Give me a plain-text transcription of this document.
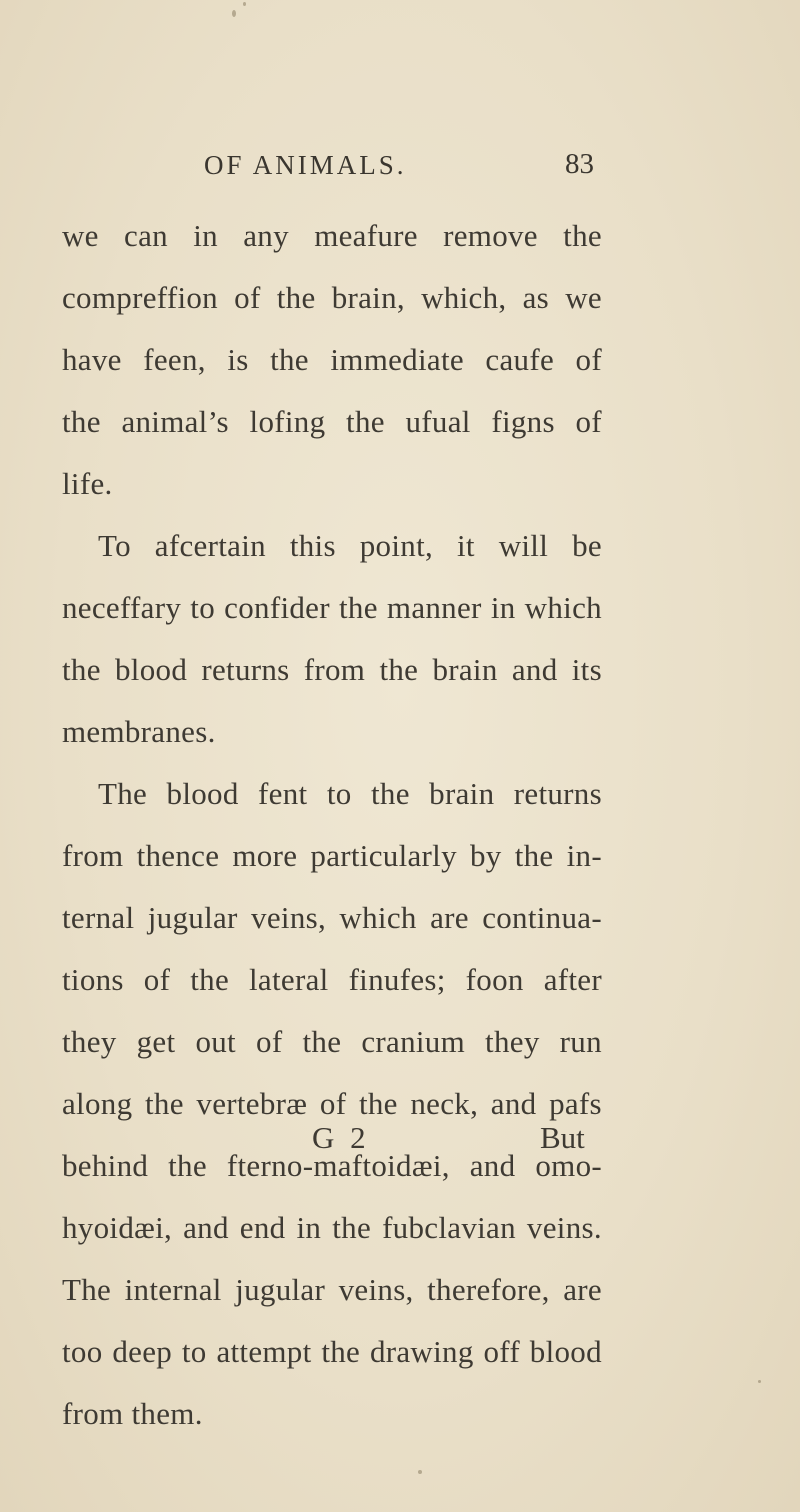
OF ANIMALS.	83
we can in any meafure remove the
compreffion of the brain, which, as we
have feen, is the immediate caufe of
the animal’s lofing the ufual figns of
life.
To afcertain this point, it will be
neceffary to confider the manner in which
the blood returns from the brain and its
membranes.
The blood fent to the brain returns
from thence more particularly by the in-
ternal jugular veins, which are continua-
tions of the lateral finufes; foon after
they get out of the cranium they run
along the vertebræ of the neck, and pafs
behind the fterno-maftoidæi, and omo-
hyoidæi, and end in the fubclavian veins.
The internal jugular veins, therefore, are
too deep to attempt the drawing off blood
from them.
G 2	But
